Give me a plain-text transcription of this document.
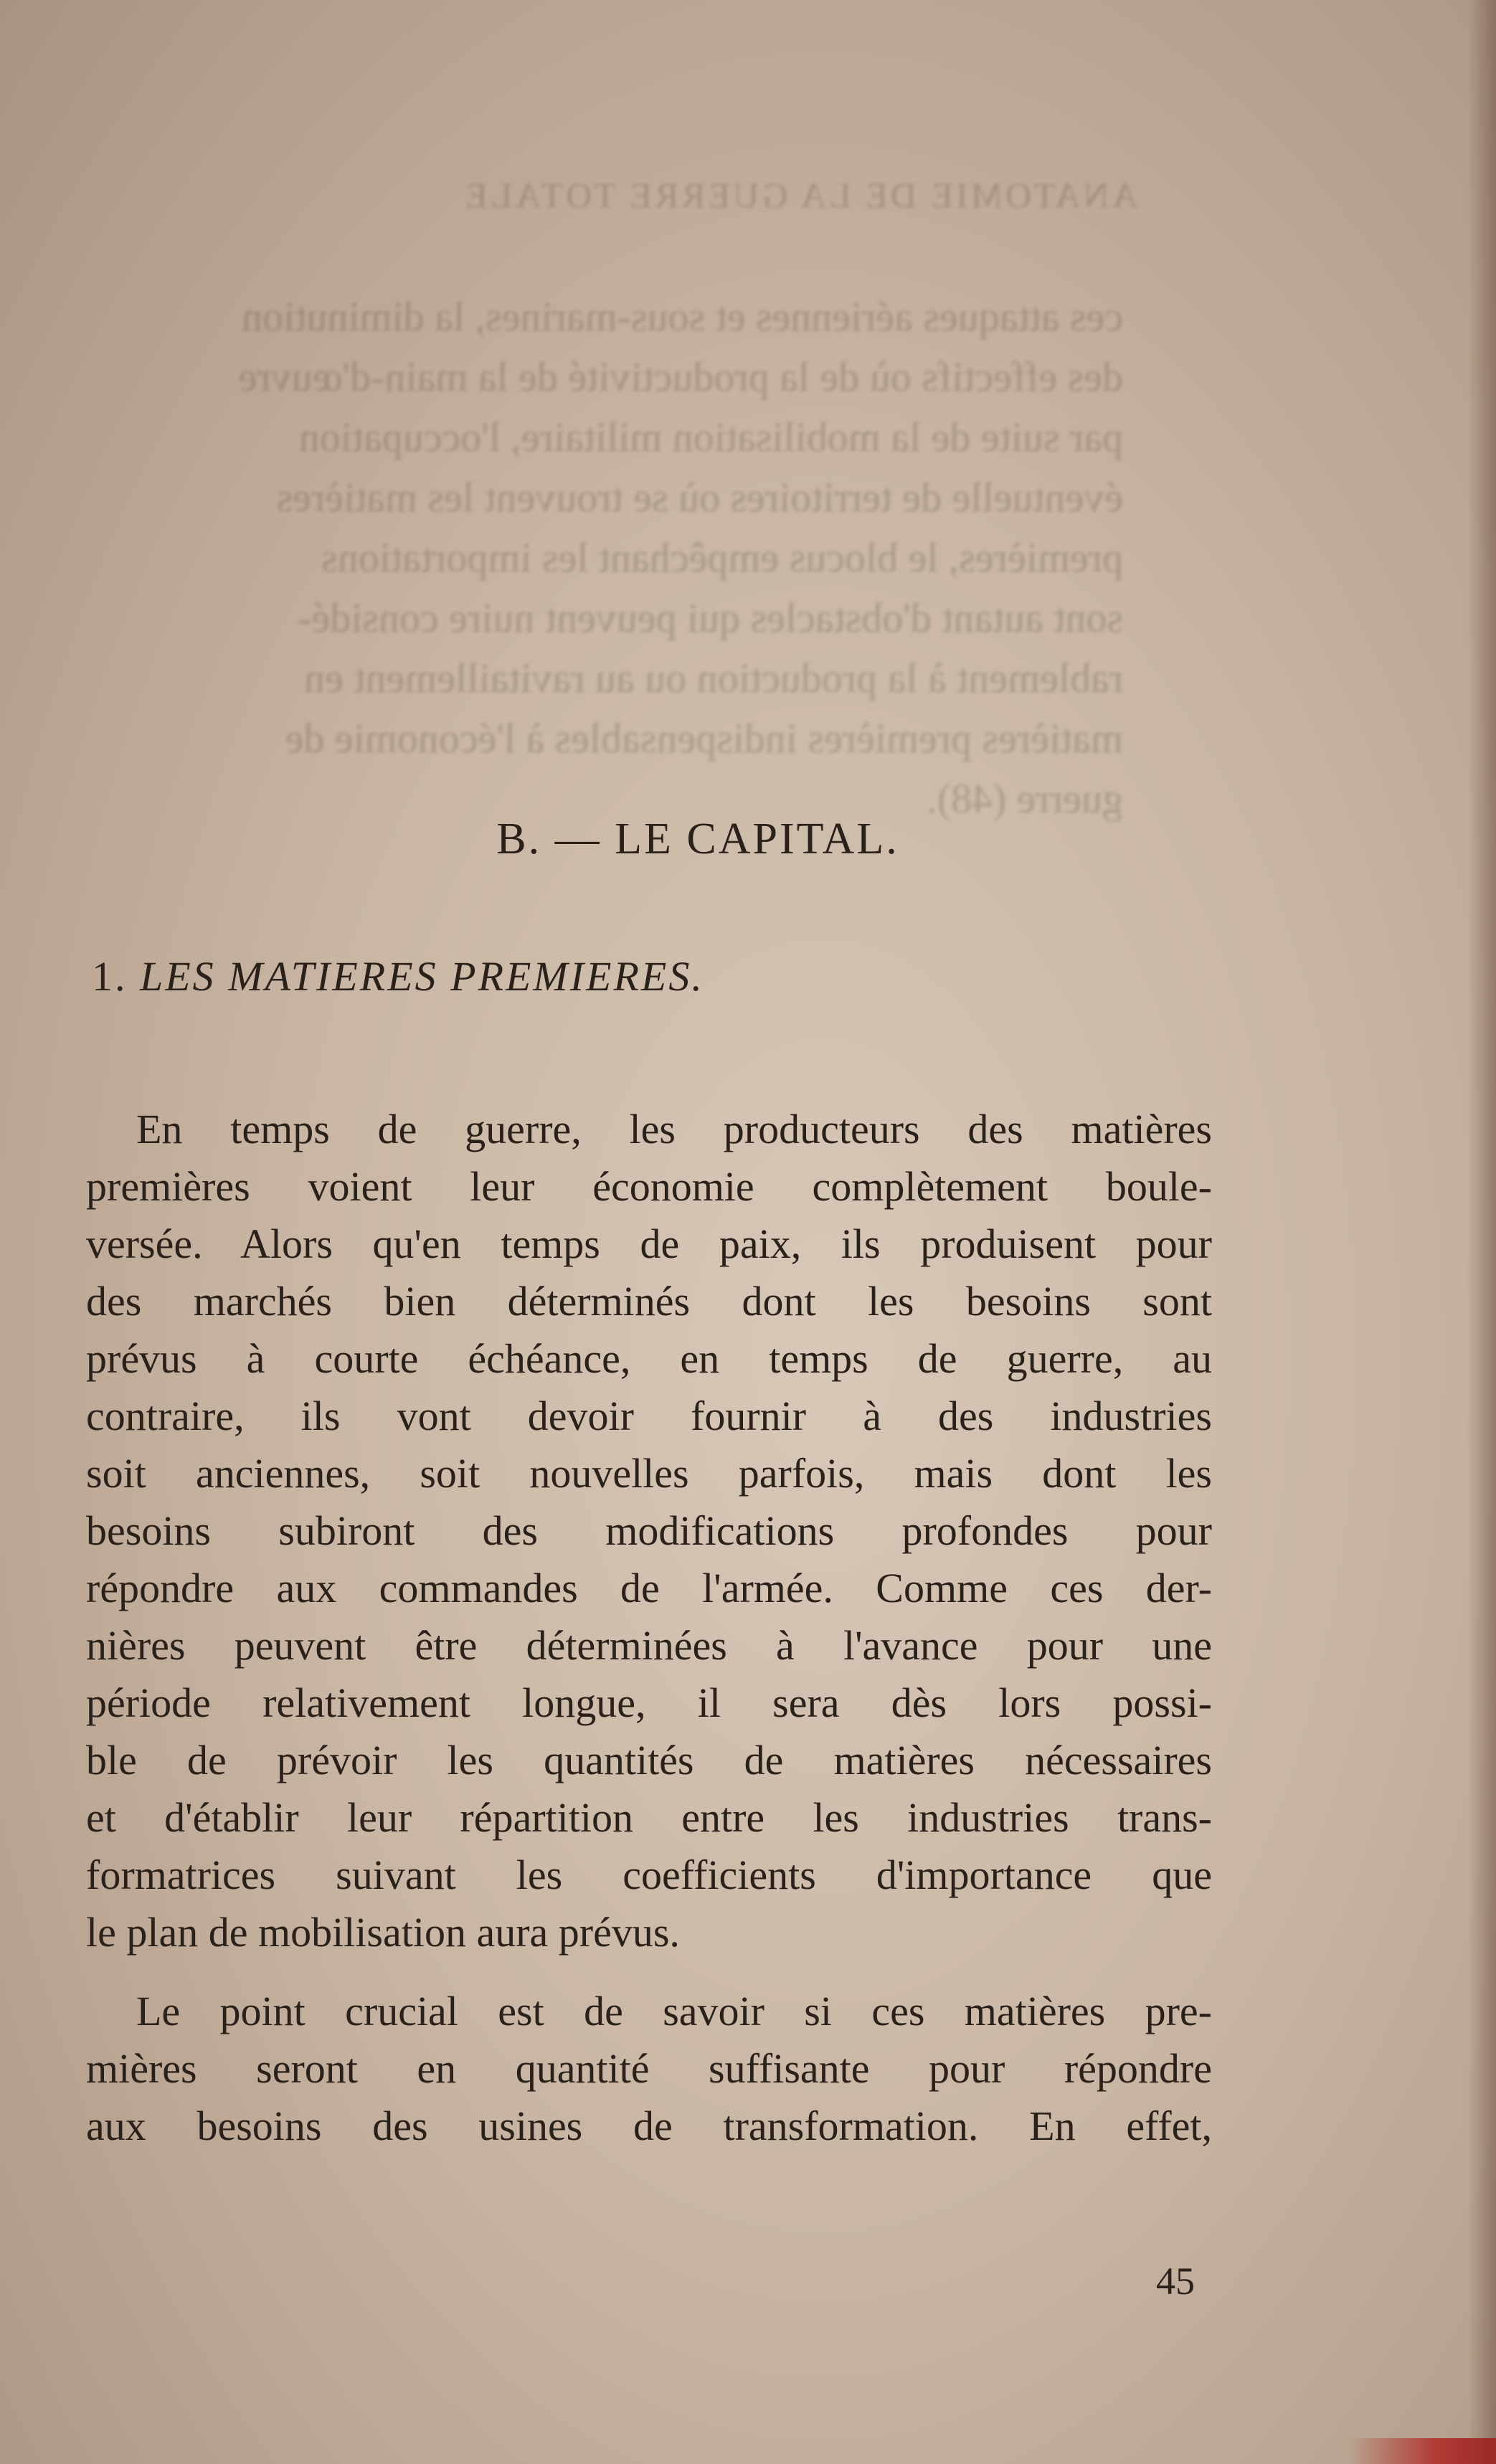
ANATOMIE DE LA GUERRE TOTALE
ces attaques aériennes et sous-marines, la diminution
des effectifs où de la productivité de la main-d'œuvre
par suite de la mobilisation militaire, l'occupation
éventuelle de territoires où se trouvent les matières
premières, le blocus empêchant les importations
sont autant d'obstacles qui peuvent nuire considé-
rablement à la production ou au ravitaillement en
matières premières indispensables à l'économie de
guerre (48).
B. — LE CAPITAL.
1. LES MATIERES PREMIERES.
En temps de guerre, les producteurs des matières
premières voient leur économie complètement boule-
versée. Alors qu'en temps de paix, ils produisent pour
des marchés bien déterminés dont les besoins sont
prévus à courte échéance, en temps de guerre, au
contraire, ils vont devoir fournir à des industries
soit anciennes, soit nouvelles parfois, mais dont les
besoins subiront des modifications profondes pour
répondre aux commandes de l'armée. Comme ces der-
nières peuvent être déterminées à l'avance pour une
période relativement longue, il sera dès lors possi-
ble de prévoir les quantités de matières nécessaires
et d'établir leur répartition entre les industries trans-
formatrices suivant les coefficients d'importance que
le plan de mobilisation aura prévus.
Le point crucial est de savoir si ces matières pre-
mières seront en quantité suffisante pour répondre
aux besoins des usines de transformation. En effet,
45
